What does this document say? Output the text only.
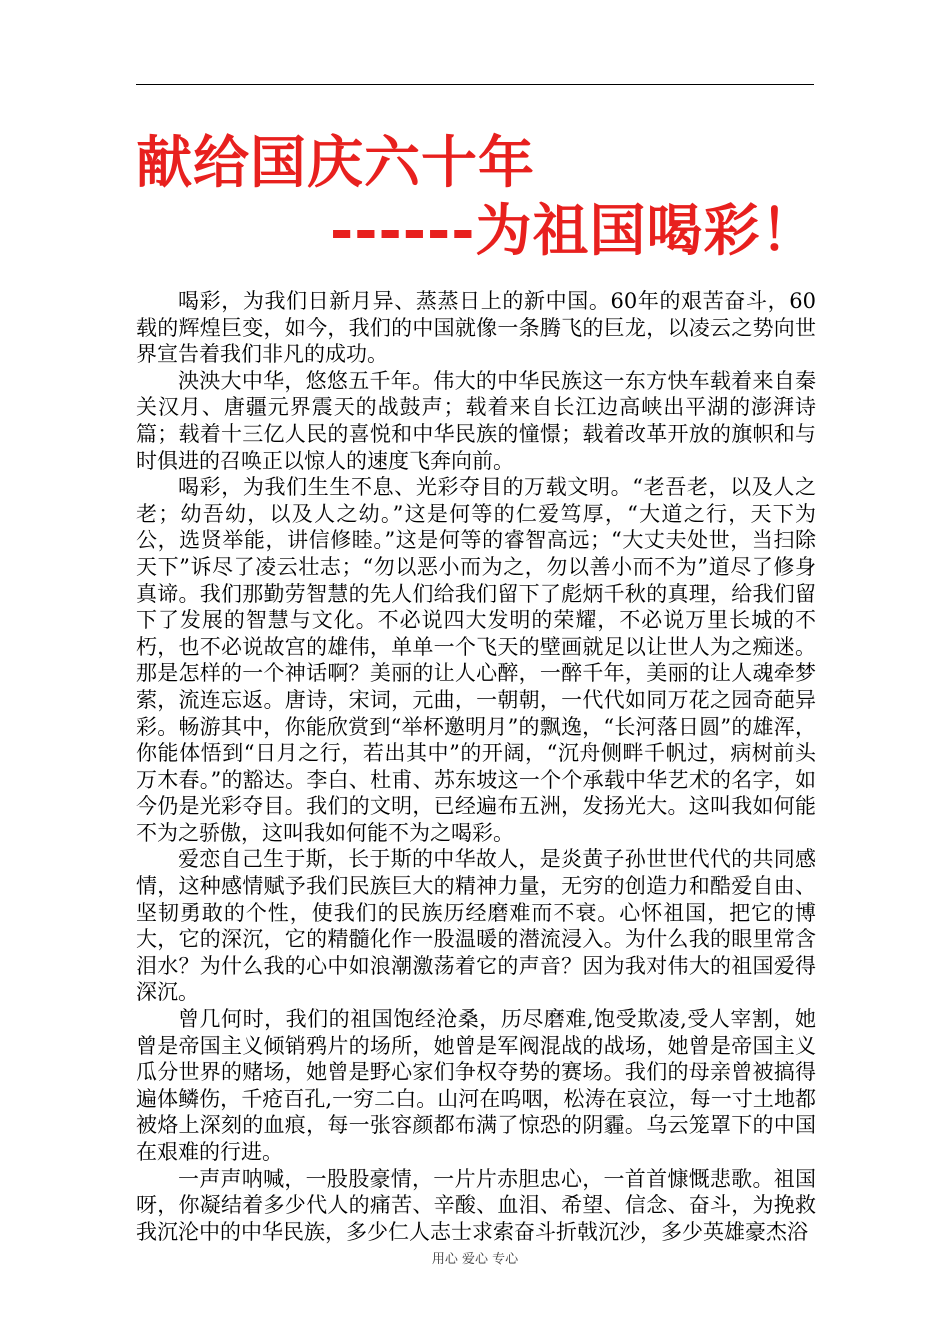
献给国庆六十年
------为祖国喝彩！

喝彩，为我们日新月异、蒸蒸日上的新中国。60年的艰苦奋斗，60载的辉煌巨变，如今，我们的中国就像一条腾飞的巨龙，以凌云之势向世界宣告着我们非凡的成功。

泱泱大中华，悠悠五千年。伟大的中华民族这一东方快车载着来自秦关汉月、唐疆元界震天的战鼓声；载着来自长江边高峡出平湖的澎湃诗篇；载着十三亿人民的喜悦和中华民族的憧憬；载着改革开放的旗帜和与时俱进的召唤正以惊人的速度飞奔向前。

喝彩，为我们生生不息、光彩夺目的万载文明。“老吾老，以及人之老；幼吾幼，以及人之幼。”这是何等的仁爱笃厚，“大道之行，天下为公，选贤举能，讲信修睦。”这是何等的睿智高远；“大丈夫处世，当扫除天下”诉尽了凌云壮志；“勿以恶小而为之，勿以善小而不为”道尽了修身真谛。我们那勤劳智慧的先人们给我们留下了彪炳千秋的真理，给我们留下了发展的智慧与文化。不必说四大发明的荣耀，不必说万里长城的不朽，也不必说故宫的雄伟，单单一个飞天的壁画就足以让世人为之痴迷。那是怎样的一个神话啊？美丽的让人心醉，一醉千年，美丽的让人魂牵梦萦，流连忘返。唐诗，宋词，元曲，一朝朝，一代代如同万花之园奇葩异彩。畅游其中，你能欣赏到“举杯邀明月”的飘逸，“长河落日圆”的雄浑，你能体悟到“日月之行，若出其中”的开阔，“沉舟侧畔千帆过，病树前头万木春。”的豁达。李白、杜甫、苏东坡这一个个承载中华艺术的名字，如今仍是光彩夺目。我们的文明，已经遍布五洲，发扬光大。这叫我如何能不为之骄傲，这叫我如何能不为之喝彩。

爱恋自己生于斯，长于斯的中华故人，是炎黄子孙世世代代的共同感情，这种感情赋予我们民族巨大的精神力量，无穷的创造力和酷爱自由、坚韧勇敢的个性，使我们的民族历经磨难而不衰。心怀祖国，把它的博大，它的深沉，它的精髓化作一股温暖的潜流浸入。为什么我的眼里常含泪水？为什么我的心中如浪潮激荡着它的声音？因为我对伟大的祖国爱得深沉。

曾几何时，我们的祖国饱经沧桑，历尽磨难,饱受欺凌,受人宰割，她曾是帝国主义倾销鸦片的场所，她曾是军阀混战的战场，她曾是帝国主义瓜分世界的赌场，她曾是野心家们争权夺势的赛场。我们的母亲曾被搞得遍体鳞伤，千疮百孔,一穷二白。山河在呜咽，松涛在哀泣，每一寸土地都被烙上深刻的血痕，每一张容颜都布满了惊恐的阴霾。乌云笼罩下的中国在艰难的行进。

一声声呐喊，一股股豪情，一片片赤胆忠心，一首首慷慨悲歌。祖国呀，你凝结着多少代人的痛苦、辛酸、血泪、希望、信念、奋斗，为挽救我沉沦中的中华民族，多少仁人志士求索奋斗折戟沉沙，多少英雄豪杰浴

用心 爱心 专心
